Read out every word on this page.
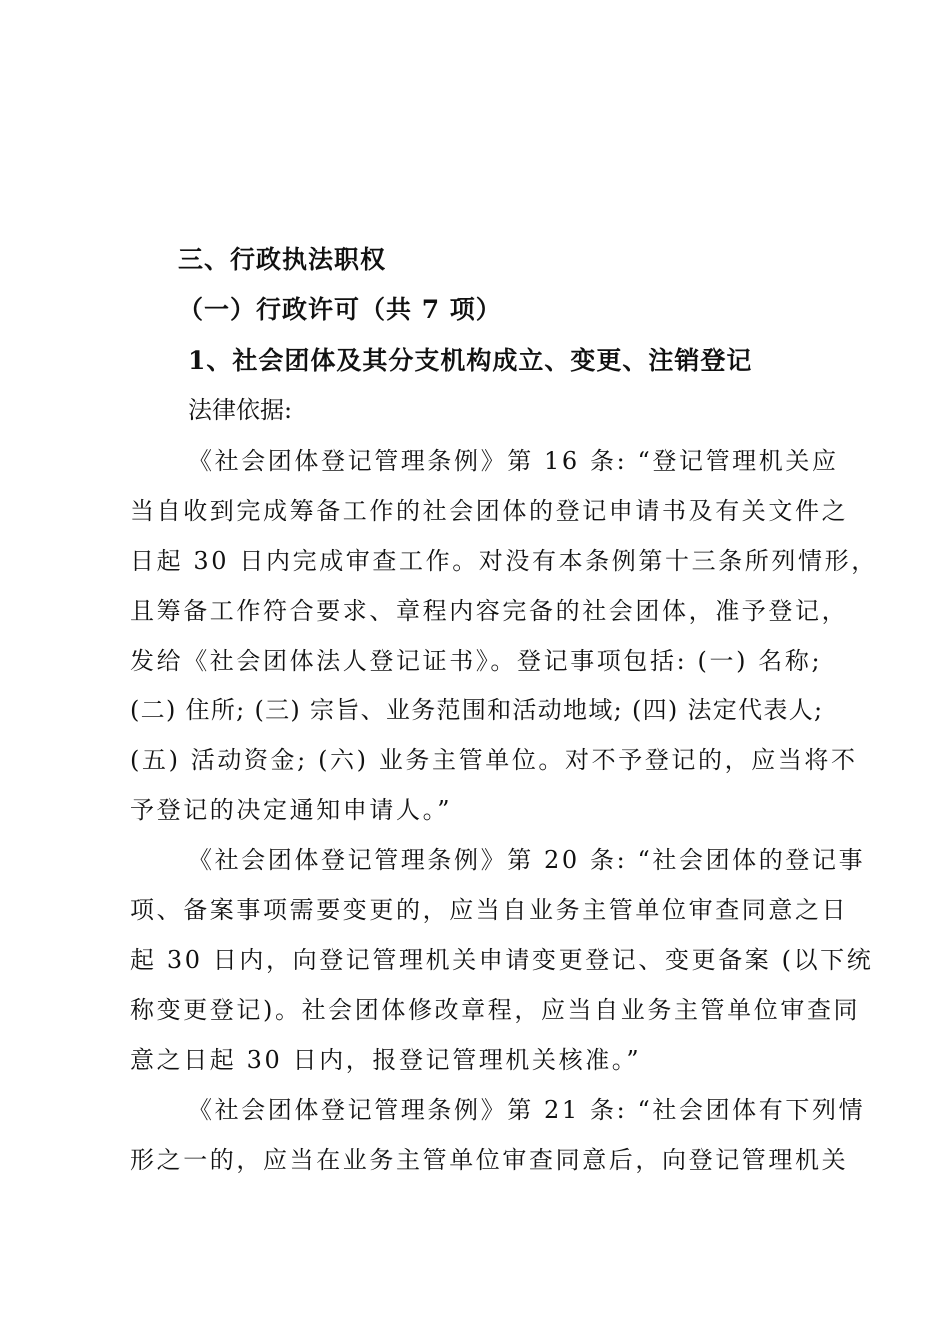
三、行政执法职权
（一）行政许可（共 7 项）
1、社会团体及其分支机构成立、变更、注销登记
法律依据:
《社会团体登记管理条例》第 16 条: “登记管理机关应
当自收到完成筹备工作的社会团体的登记申请书及有关文件之
日起 30 日内完成审查工作。对没有本条例第十三条所列情形，
且筹备工作符合要求、章程内容完备的社会团体，准予登记，
发给《社会团体法人登记证书》。登记事项包括: (一) 名称;
(二) 住所; (三) 宗旨、业务范围和活动地域; (四) 法定代表人;
(五) 活动资金; (六) 业务主管单位。对不予登记的，应当将不
予登记的决定通知申请人。”
《社会团体登记管理条例》第 20 条: “社会团体的登记事
项、备案事项需要变更的，应当自业务主管单位审查同意之日
起 30 日内，向登记管理机关申请变更登记、变更备案 (以下统
称变更登记)。社会团体修改章程，应当自业务主管单位审查同
意之日起 30 日内，报登记管理机关核准。”
《社会团体登记管理条例》第 21 条: “社会团体有下列情
形之一的，应当在业务主管单位审查同意后，向登记管理机关
